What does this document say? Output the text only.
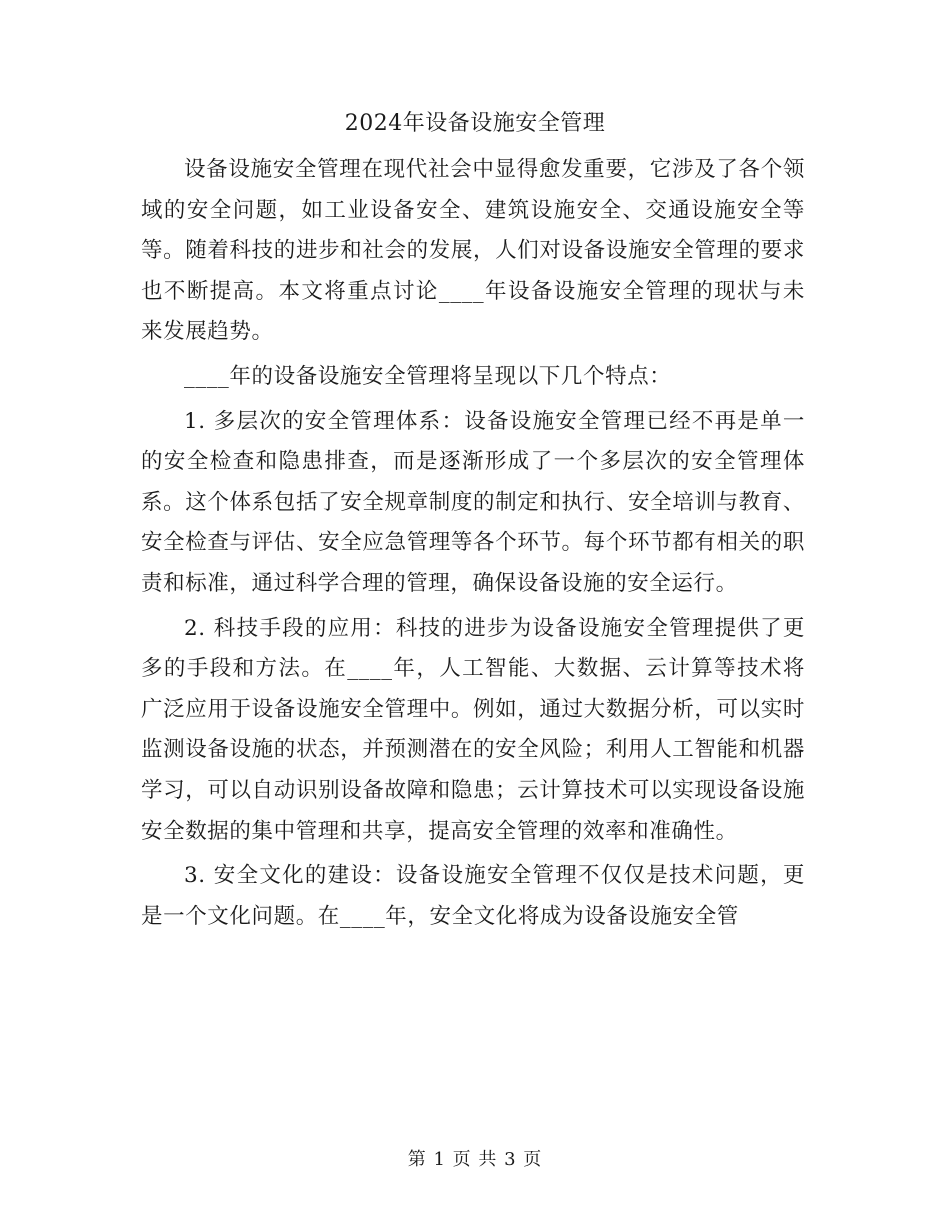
2024年设备设施安全管理

设备设施安全管理在现代社会中显得愈发重要，它涉及了各个领域的安全问题，如工业设备安全、建筑设施安全、交通设施安全等等。随着科技的进步和社会的发展，人们对设备设施安全管理的要求也不断提高。本文将重点讨论____年设备设施安全管理的现状与未来发展趋势。

____年的设备设施安全管理将呈现以下几个特点：

1. 多层次的安全管理体系：设备设施安全管理已经不再是单一的安全检查和隐患排查，而是逐渐形成了一个多层次的安全管理体系。这个体系包括了安全规章制度的制定和执行、安全培训与教育、安全检查与评估、安全应急管理等各个环节。每个环节都有相关的职责和标准，通过科学合理的管理，确保设备设施的安全运行。

2. 科技手段的应用：科技的进步为设备设施安全管理提供了更多的手段和方法。在____年，人工智能、大数据、云计算等技术将广泛应用于设备设施安全管理中。例如，通过大数据分析，可以实时监测设备设施的状态，并预测潜在的安全风险；利用人工智能和机器学习，可以自动识别设备故障和隐患；云计算技术可以实现设备设施安全数据的集中管理和共享，提高安全管理的效率和准确性。

3. 安全文化的建设：设备设施安全管理不仅仅是技术问题，更是一个文化问题。在____年，安全文化将成为设备设施安全管

第 1 页 共 3 页
